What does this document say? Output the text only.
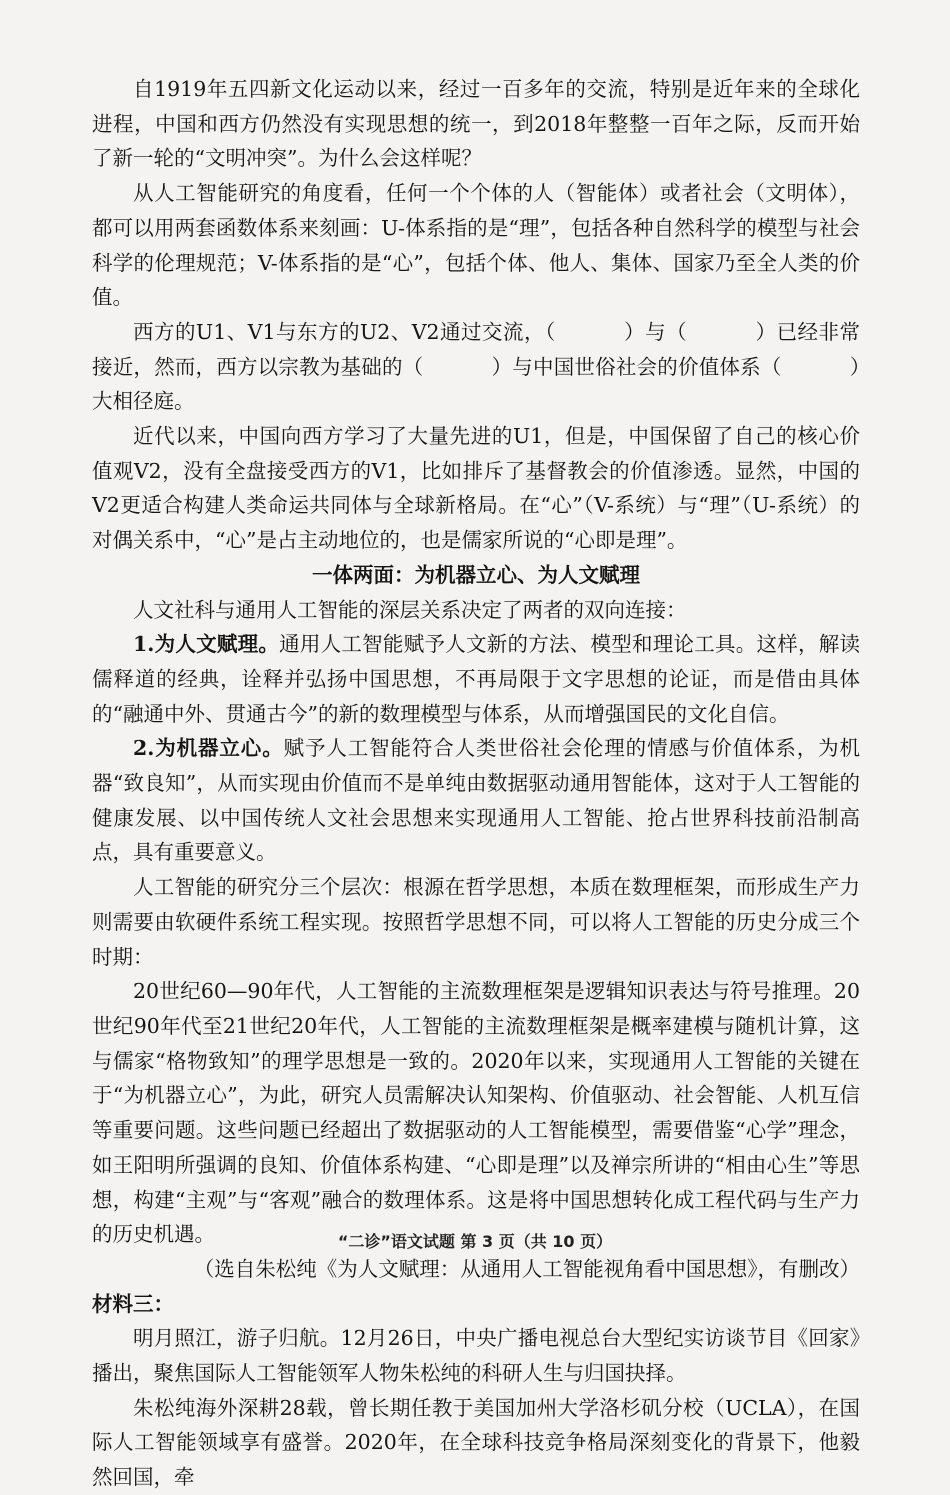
自1919年五四新文化运动以来，经过一百多年的交流，特别是近年来的全球化进程，中国和西方仍然没有实现思想的统一，到2018年整整一百年之际，反而开始了新一轮的“文明冲突”。为什么会这样呢？

从人工智能研究的角度看，任何一个个体的人（智能体）或者社会（文明体），都可以用两套函数体系来刻画：U-体系指的是“理”，包括各种自然科学的模型与社会科学的伦理规范；V-体系指的是“心”，包括个体、他人、集体、国家乃至全人类的价值。

西方的U1、V1与东方的U2、V2通过交流，（	）与（	）已经非常接近，然而，西方以宗教为基础的（	）与中国世俗社会的价值体系（	）大相径庭。

近代以来，中国向西方学习了大量先进的U1，但是，中国保留了自己的核心价值观V2，没有全盘接受西方的V1，比如排斥了基督教会的价值渗透。显然，中国的V2更适合构建人类命运共同体与全球新格局。在“心”（V-系统）与“理”（U-系统）的对偶关系中，“心”是占主动地位的，也是儒家所说的“心即是理”。

一体两面：为机器立心、为人文赋理

人文社科与通用人工智能的深层关系决定了两者的双向连接：

1.为人文赋理。通用人工智能赋予人文新的方法、模型和理论工具。这样，解读儒释道的经典，诠释并弘扬中国思想，不再局限于文字思想的论证，而是借由具体的“融通中外、贯通古今”的新的数理模型与体系，从而增强国民的文化自信。

2.为机器立心。赋予人工智能符合人类世俗社会伦理的情感与价值体系，为机器“致良知”，从而实现由价值而不是单纯由数据驱动通用智能体，这对于人工智能的健康发展、以中国传统人文社会思想来实现通用人工智能、抢占世界科技前沿制高点，具有重要意义。

人工智能的研究分三个层次：根源在哲学思想，本质在数理框架，而形成生产力则需要由软硬件系统工程实现。按照哲学思想不同，可以将人工智能的历史分成三个时期：

20世纪60—90年代，人工智能的主流数理框架是逻辑知识表达与符号推理。20世纪90年代至21世纪20年代，人工智能的主流数理框架是概率建模与随机计算，这与儒家“格物致知”的理学思想是一致的。2020年以来，实现通用人工智能的关键在于“为机器立心”，为此，研究人员需解决认知架构、价值驱动、社会智能、人机互信等重要问题。这些问题已经超出了数据驱动的人工智能模型，需要借鉴“心学”理念，如王阳明所强调的良知、价值体系构建、“心即是理”以及禅宗所讲的“相由心生”等思想，构建“主观”与“客观”融合的数理体系。这是将中国思想转化成工程代码与生产力的历史机遇。

（选自朱松纯《为人文赋理：从通用人工智能视角看中国思想》，有删改）

材料三：

明月照江，游子归航。12月26日，中央广播电视总台大型纪实访谈节目《回家》播出，聚焦国际人工智能领军人物朱松纯的科研人生与归国抉择。

朱松纯海外深耕28载，曾长期任教于美国加州大学洛杉矶分校（UCLA），在国际人工智能领域享有盛誉。2020年，在全球科技竞争格局深刻变化的背景下，他毅然回国，牵

“二诊”语文试题 第 3 页（共 10 页）
